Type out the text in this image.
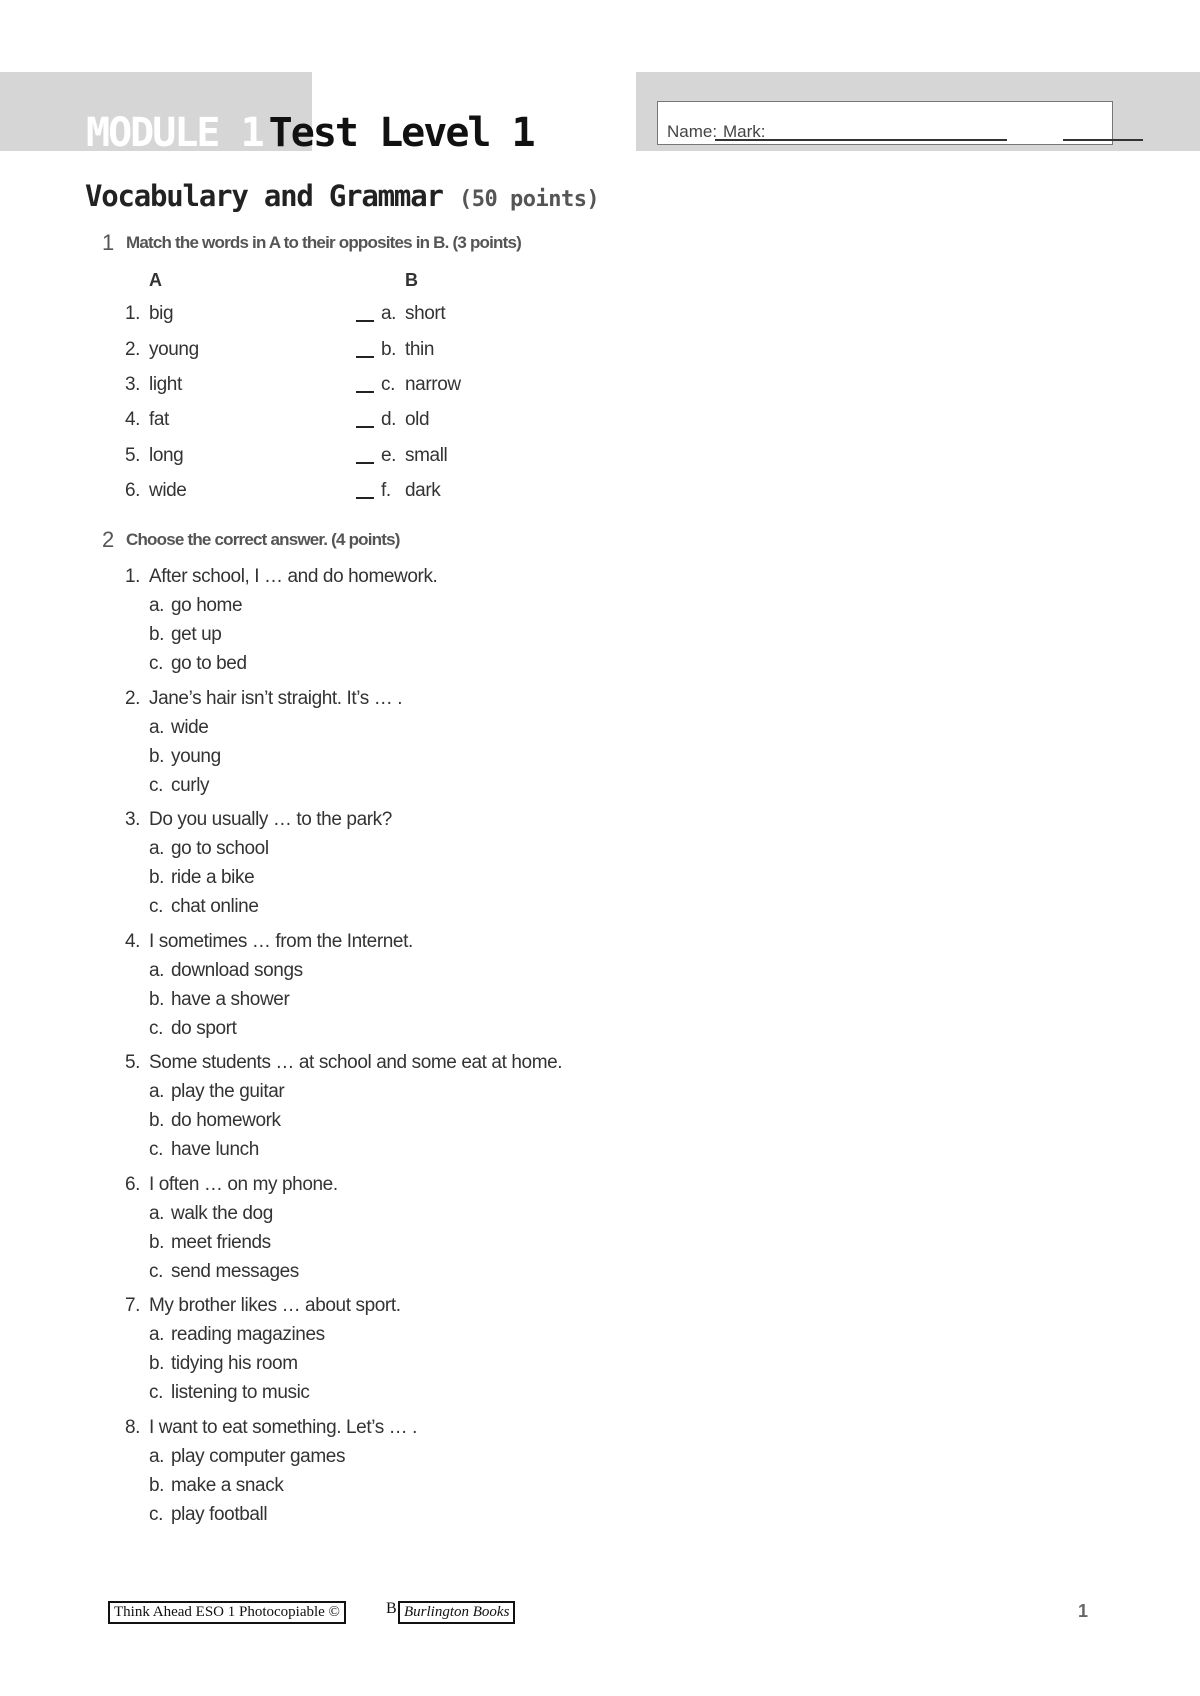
MODULE 1 Test Level 1	Name: Mark:
Vocabulary and Grammar (50 points)
1 Match the words in A to their opposites in B. (3 points)
A	B
1. big	a. short
2. young	b. thin
3. light	c. narrow
4. fat	d. old
5. long	e. small
6. wide	f. dark
2 Choose the correct answer. (4 points)
1. After school, I … and do homework.
a. go home
b. get up
c. go to bed
2. Jane’s hair isn’t straight. It’s … .
a. wide
b. young
c. curly
3. Do you usually … to the park?
a. go to school
b. ride a bike
c. chat online
4. I sometimes … from the Internet.
a. download songs
b. have a shower
c. do sport
5. Some students … at school and some eat at home.
a. play the guitar
b. do homework
c. have lunch
6. I often … on my phone.
a. walk the dog
b. meet friends
c. send messages
7. My brother likes … about sport.
a. reading magazines
b. tidying his room
c. listening to music
8. I want to eat something. Let’s … .
a. play computer games
b. make a snack
c. play football
Think Ahead ESO 1 Photocopiable ©	B Burlington Books	1
